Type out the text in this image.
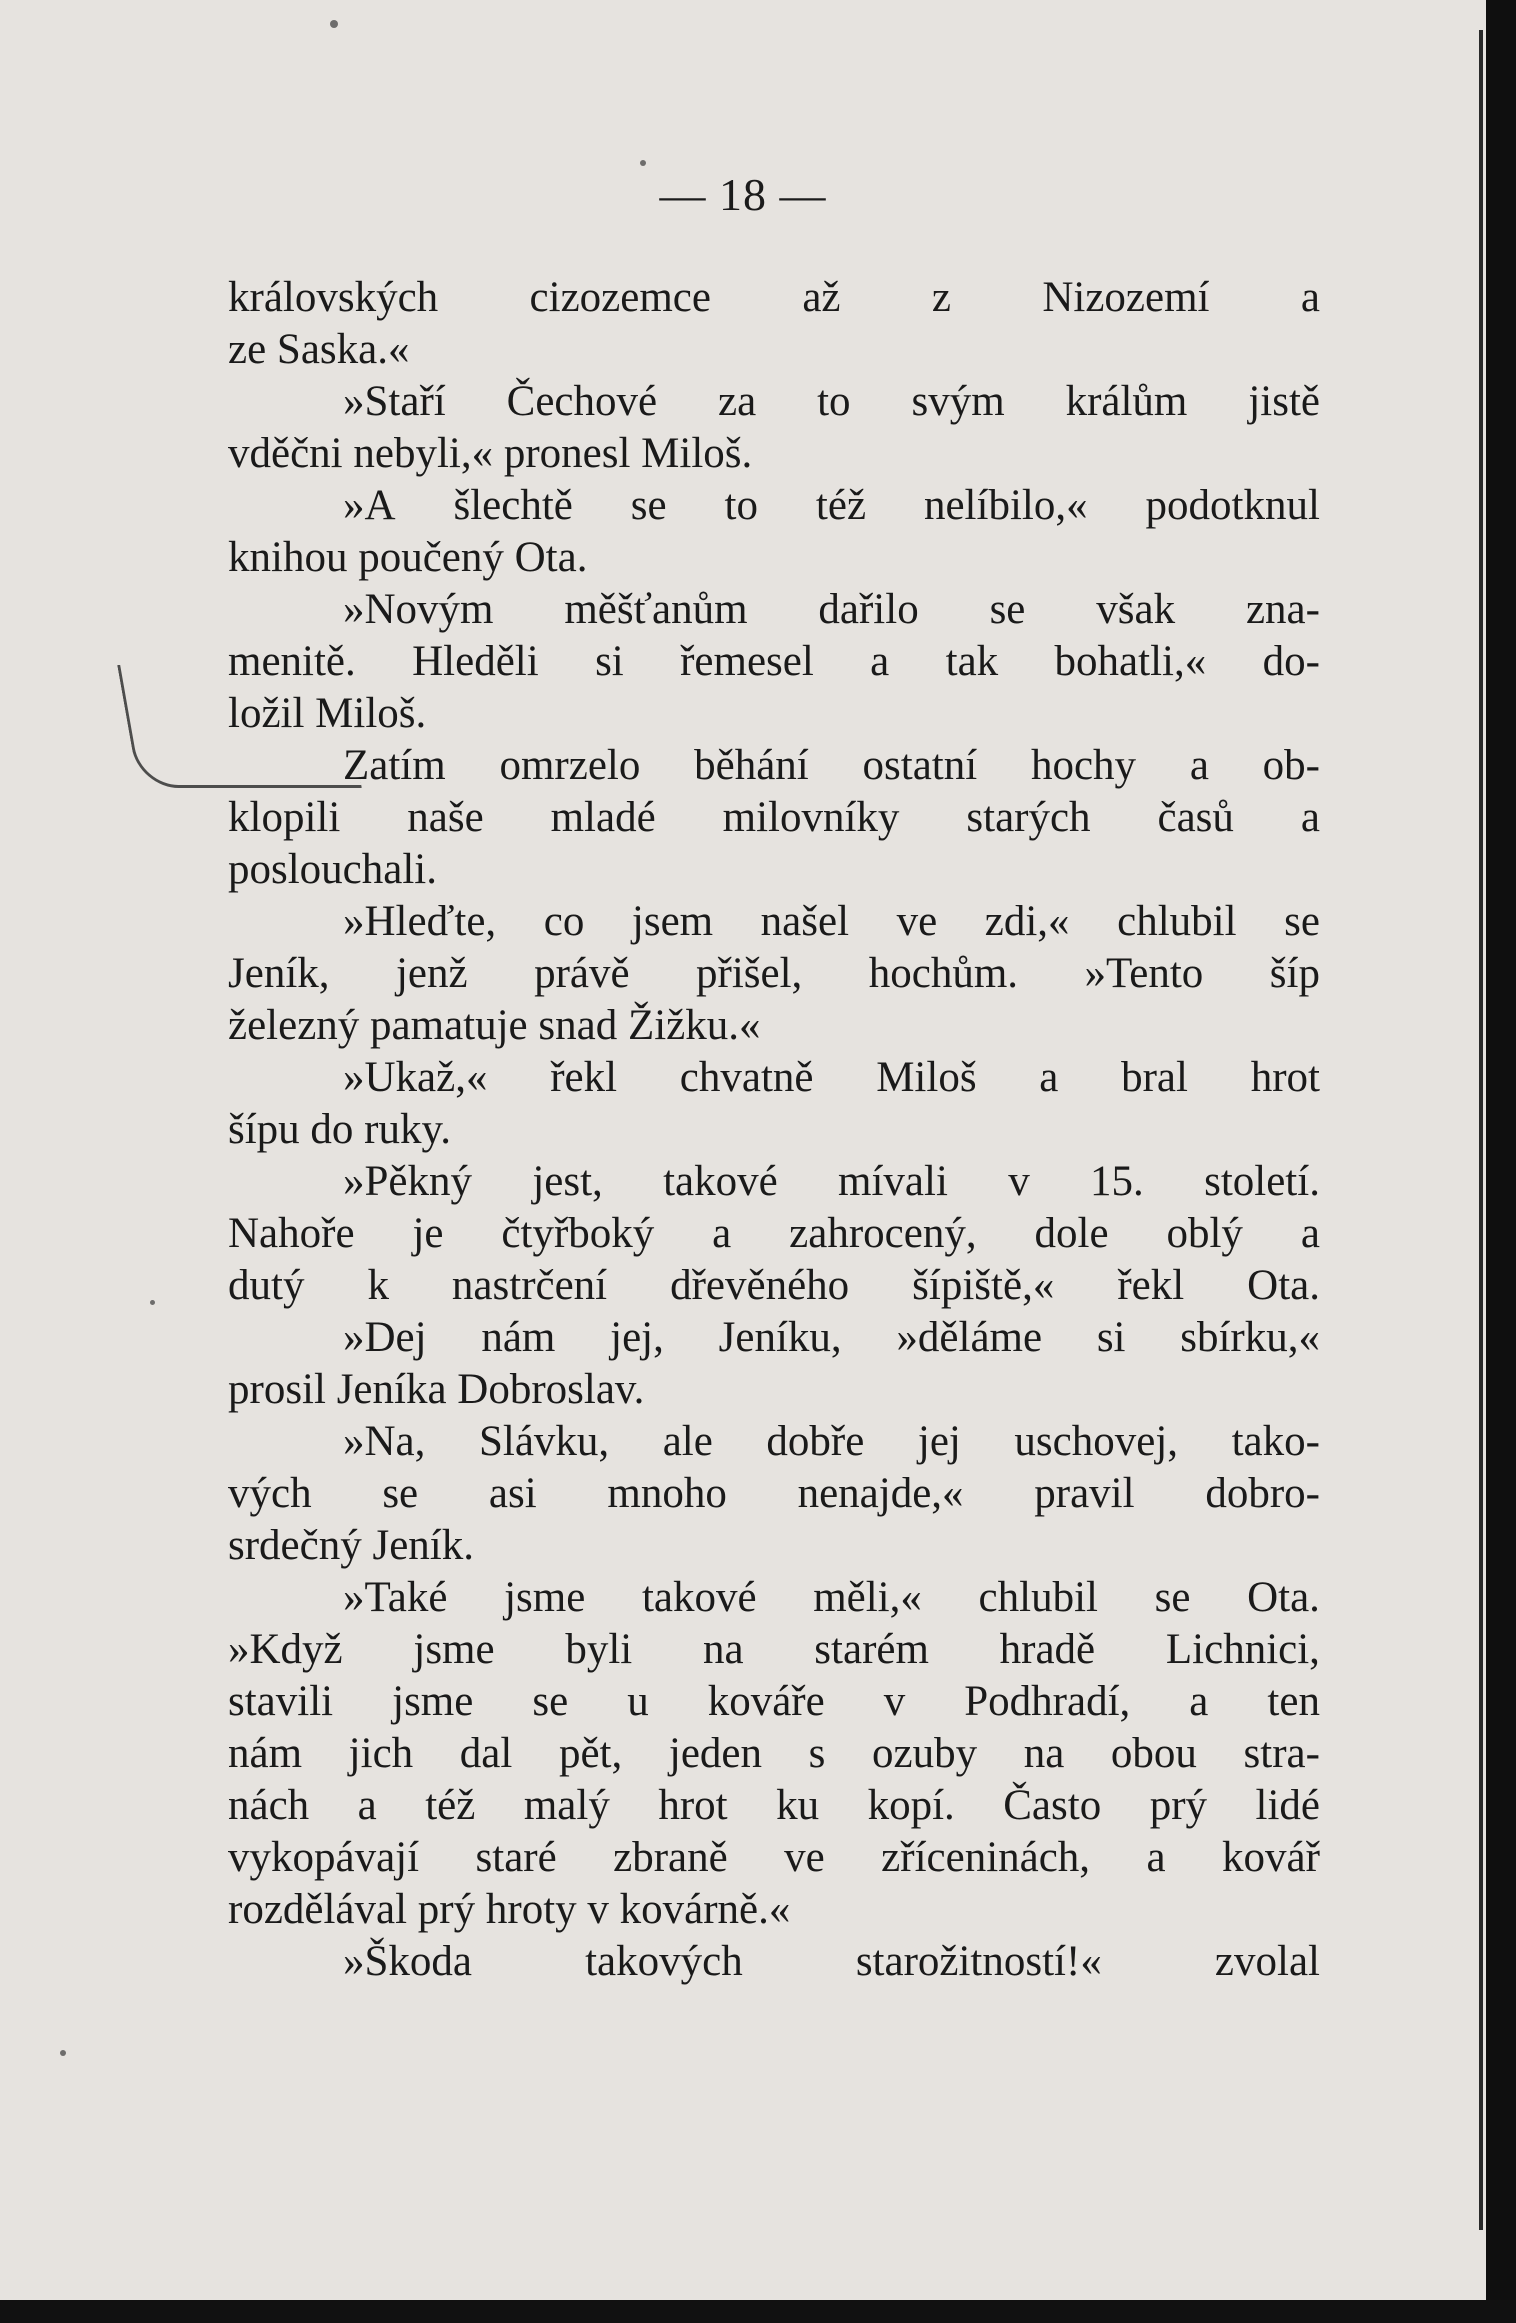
— 18 —
královských cizozemce až z Nizozemí a
ze Saska.«
»Staří Čechové za to svým králům jistě
vděčni nebyli,« pronesl Miloš.
»A šlechtě se to též nelíbilo,« podotknul
knihou poučený Ota.
»Novým měšťanům dařilo se však zna-
menitě. Hleděli si řemesel a tak bohatli,« do-
ložil Miloš.
Zatím omrzelo běhání ostatní hochy a ob-
klopili naše mladé milovníky starých časů a
poslouchali.
»Hleďte, co jsem našel ve zdi,« chlubil se
Jeník, jenž právě přišel, hochům. »Tento šíp
železný pamatuje snad Žižku.«
»Ukaž,« řekl chvatně Miloš a bral hrot
šípu do ruky.
»Pěkný jest, takové mívali v 15. století.
Nahoře je čtyřboký a zahrocený, dole oblý a
dutý k nastrčení dřevěného šípiště,« řekl Ota.
»Dej nám jej, Jeníku, »děláme si sbírku,«
prosil Jeníka Dobroslav.
»Na, Slávku, ale dobře jej uschovej, tako-
vých se asi mnoho nenajde,« pravil dobro-
srdečný Jeník.
»Také jsme takové měli,« chlubil se Ota.
»Když jsme byli na starém hradě Lichnici,
stavili jsme se u kováře v Podhradí, a ten
nám jich dal pět, jeden s ozuby na obou stra-
nách a též malý hrot ku kopí. Často prý lidé
vykopávají staré zbraně ve zříceninách, a kovář
rozdělával prý hroty v kovárně.«
»Škoda	takových	starožitností!«	zvolal
